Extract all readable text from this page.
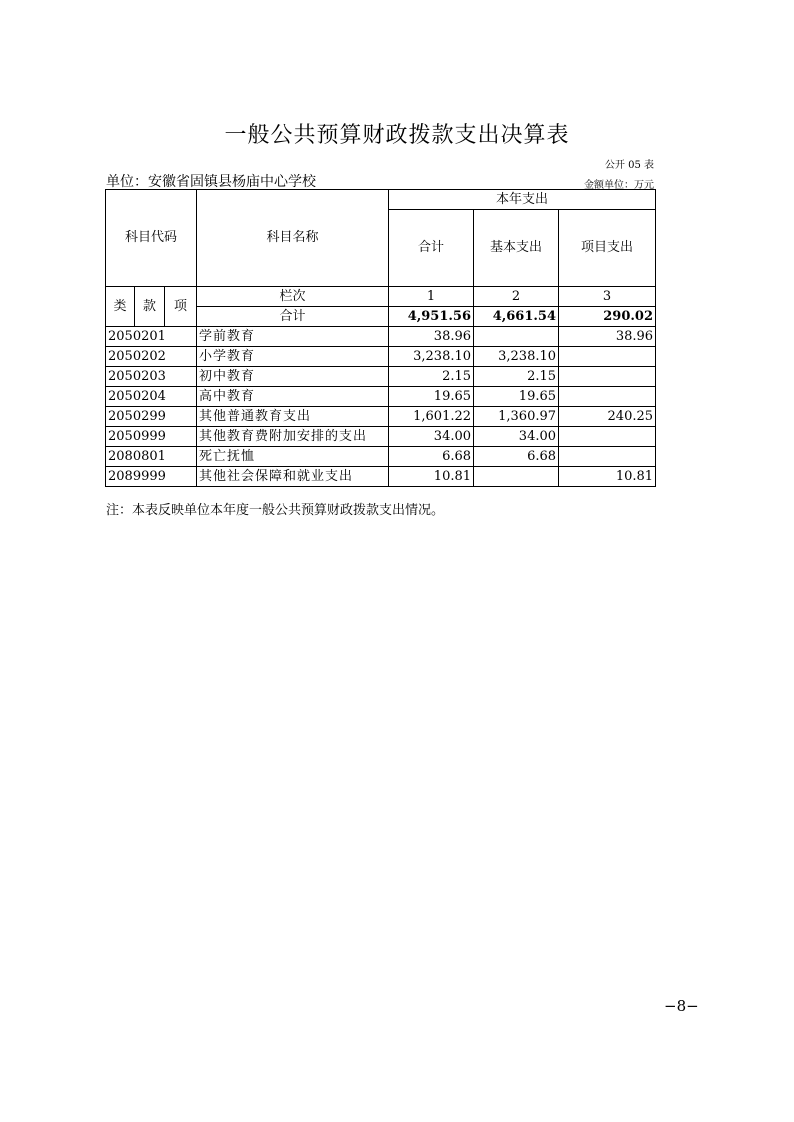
一般公共预算财政拨款支出决算表
公开 05 表
单位：安徽省固镇县杨庙中心学校	金额单位：万元
科目代码			科目名称	本年支出		
				合计	基本支出	项目支出
类	款	项	栏次	1	2	3
			合计	4,951.56	4,661.54	290.02
2050201			学前教育	38.96		38.96
2050202			小学教育	3,238.10	3,238.10	
2050203			初中教育	2.15	2.15	
2050204			高中教育	19.65	19.65	
2050299			其他普通教育支出	1,601.22	1,360.97	240.25
2050999			其他教育费附加安排的支出	34.00	34.00	
2080801			死亡抚恤	6.68	6.68	
2089999			其他社会保障和就业支出	10.81		10.81
注：本表反映单位本年度一般公共预算财政拨款支出情况。
−8−
